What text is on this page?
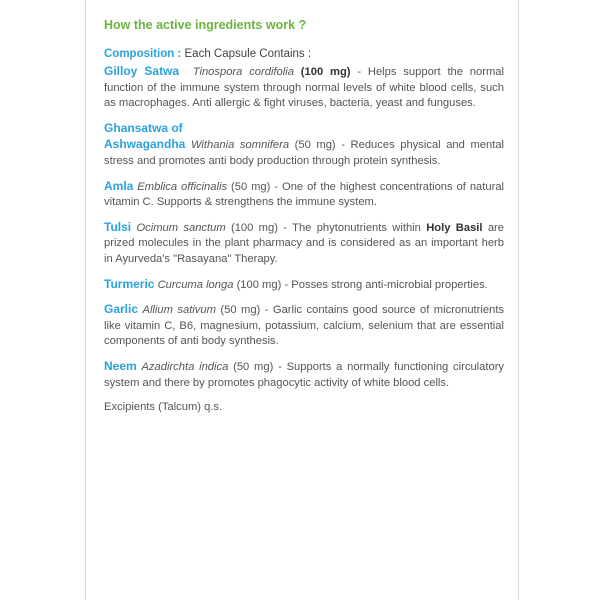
How the active ingredients work ?
Composition : Each Capsule Contains :

Gilloy Satwa Tinospora cordifolia (100 mg) - Helps support the normal function of the immune system through normal levels of white blood cells, such as macrophages. Anti allergic & fight viruses, bacteria, yeast and funguses.

Ghansatwa of
Ashwagandha Withania somnifera (50 mg) - Reduces physical and mental stress and promotes anti body production through protein synthesis.

Amla Emblica officinalis (50 mg) - One of the highest concentrations of natural vitamin C. Supports & strengthens the immune system.

Tulsi Ocimum sanctum (100 mg) - The phytonutrients within Holy Basil are prized molecules in the plant pharmacy and is considered as an important herb in Ayurveda's "Rasayana" Therapy.

Turmeric Curcuma longa (100 mg) - Posses strong anti-microbial properties.

Garlic Allium sativum (50 mg) - Garlic contains good source of micronutrients like vitamin C, B6, magnesium, potassium, calcium, selenium that are essential components of anti body synthesis.

Neem Azadirchta indica (50 mg) - Supports a normally functioning circulatory system and there by promotes phagocytic activity of white blood cells.

Excipients (Talcum) q.s.
